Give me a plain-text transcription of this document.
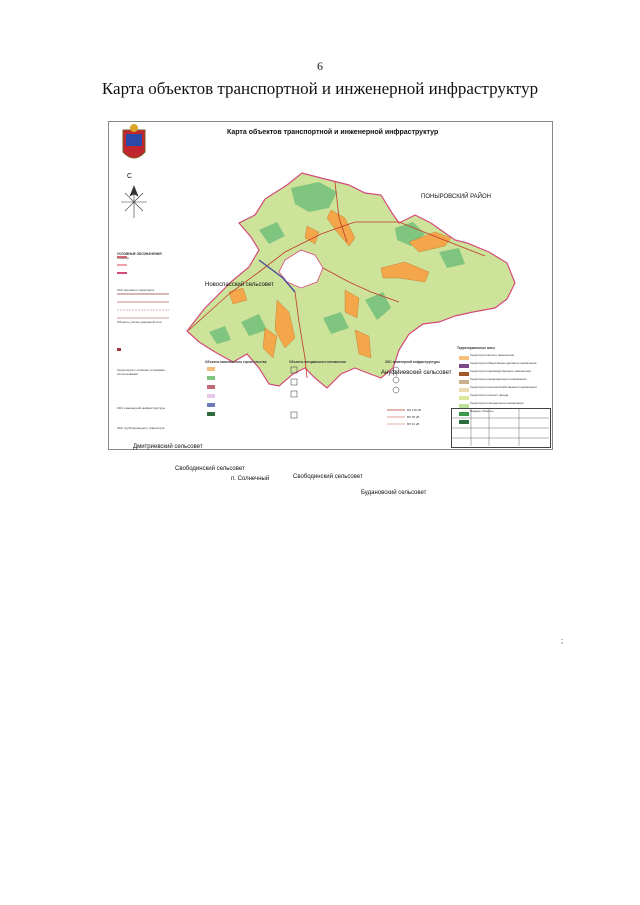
6
Карта объектов транспортной и инженерной инфраструктур
Карта объектов транспортной и инженерной инфраструктур
С
ПОНЫРОВСКИЙ РАЙОН
Новоспасский сельсовет
Ануфриевский сельсовет
Дмитриевский сельсовет
Свободинский сельсовет
п. Солнечный	Свободинский сельсовет
Будановский сельсовет
УСЛОВНЫЕ ОБОЗНАЧЕНИЯ
Границы
ОКС внешнего транспорта
Объекты улично-дорожной сети
Территории с особыми условиями использования
ОКС инженерной инфраструктуры
ОКС трубопроводного транспорта
Объекты капитального строительства	Объекты специального назначения	ОКС инженерной инфраструктуры
ВЛ 110 кВ
ВЛ 35 кВ
ВЛ 10 кВ
Территориальные зоны
Территории жилого назначения
Территории общественно-делового назначения
Территории производственного назначения
Территории рекреационного назначения
Территории сельскохозяйственного назначения
Территории лесного фонда
Территории специального назначения
Водные объекты
;
